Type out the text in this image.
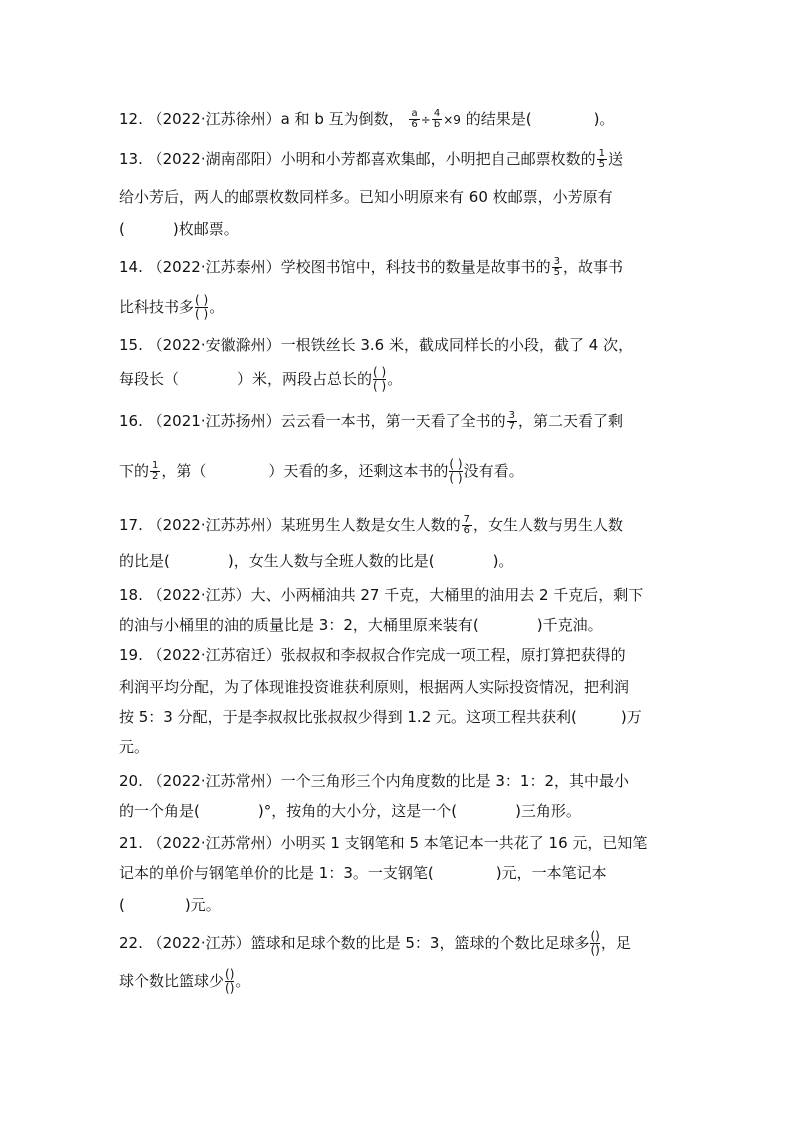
12. （2022·江苏徐州）a 和 b 互为倒数， $\frac{a}{6} \div \frac{4}{b} \times 9$ 的结果是(	)。
13. （2022·湖南邵阳）小明和小芳都喜欢集邮，小明把自己邮票枚数的 $\frac{1}{5}$ 送
给小芳后，两人的邮票枚数同样多。已知小明原来有 60 枚邮票，小芳原有
(	)枚邮票。
14. （2022·江苏泰州）学校图书馆中，科技书的数量是故事书的 $\frac{3}{5}$ ，故事书
比科技书多 ( )
( ) 。
15. （2022·安徽滁州）一根铁丝长 3.6 米，截成同样长的小段，截了 4 次，
每段长（	）米，两段占总长的 ( )
( ) 。
16. （2021·江苏扬州）云云看一本书，第一天看了全书的 $\frac{3}{7}$ ，第二天看了剩
下的 $\frac{1}{2}$ ，第（	）天看的多，还剩这本书的 ( )
( ) 没有看。
17. （2022·江苏苏州）某班男生人数是女生人数的 $\frac{7}{6}$ ，女生人数与男生人数
的比是(	)，女生人数与全班人数的比是(	)。
18. （2022·江苏）大、小两桶油共 27 千克，大桶里的油用去 2 千克后，剩下
的油与小桶里的油的质量比是 3：2，大桶里原来装有(	)千克油。
19. （2022·江苏宿迁）张叔叔和李叔叔合作完成一项工程，原打算把获得的
利润平均分配，为了体现谁投资谁获利原则，根据两人实际投资情况，把利润
按 5：3 分配，于是李叔叔比张叔叔少得到 1.2 元。这项工程共获利(	)万
元。
20. （2022·江苏常州）一个三角形三个内角度数的比是 3：1：2，其中最小
的一个角是(	)°，按角的大小分，这是一个(	)三角形。
21. （2022·江苏常州）小明买 1 支钢笔和 5 本笔记本一共花了 16 元，已知笔
记本的单价与钢笔单价的比是 1：3。一支钢笔(	)元，一本笔记本
(	)元。
22. （2022·江苏）篮球和足球个数的比是 5：3，篮球的个数比足球多 ()
() ，足
球个数比篮球少 ()
() 。
